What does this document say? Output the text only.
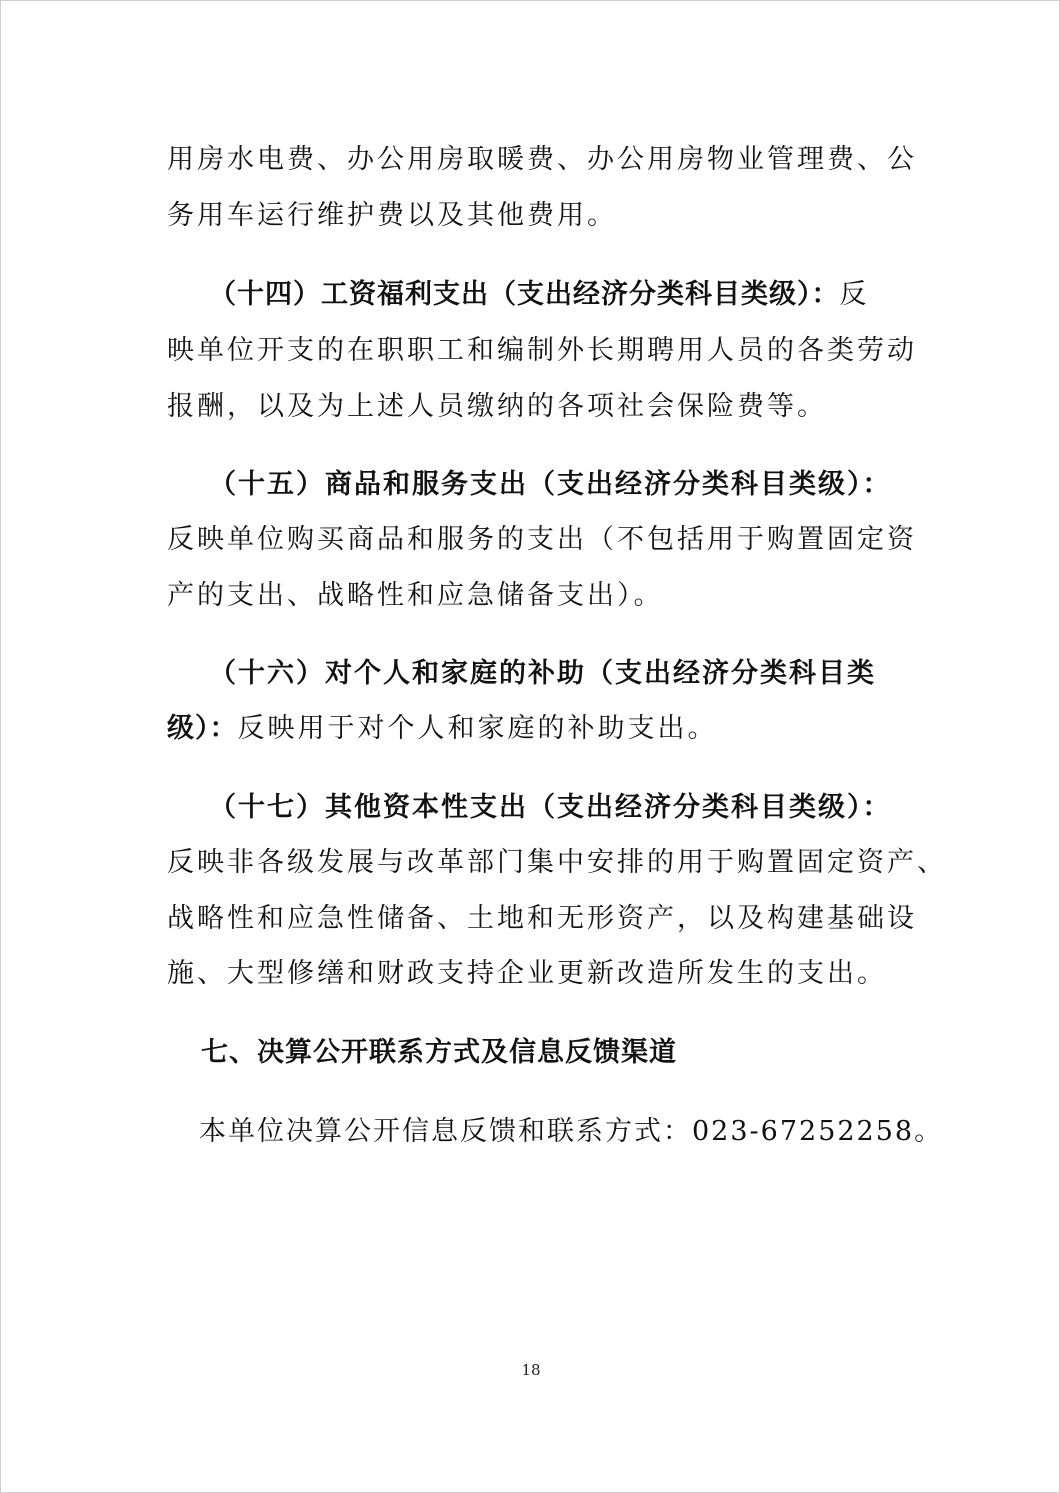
用房水电费、办公用房取暖费、办公用房物业管理费、公
务用车运行维护费以及其他费用。
（十四）工资福利支出（支出经济分类科目类级）：反
映单位开支的在职职工和编制外长期聘用人员的各类劳动
报酬，以及为上述人员缴纳的各项社会保险费等。
（十五）商品和服务支出（支出经济分类科目类级）：
反映单位购买商品和服务的支出（不包括用于购置固定资
产的支出、战略性和应急储备支出）。
（十六）对个人和家庭的补助（支出经济分类科目类
级）：反映用于对个人和家庭的补助支出。
（十七）其他资本性支出（支出经济分类科目类级）：
反映非各级发展与改革部门集中安排的用于购置固定资产、
战略性和应急性储备、土地和无形资产，以及构建基础设
施、大型修缮和财政支持企业更新改造所发生的支出。
七、决算公开联系方式及信息反馈渠道
本单位决算公开信息反馈和联系方式：023-67252258。
18
